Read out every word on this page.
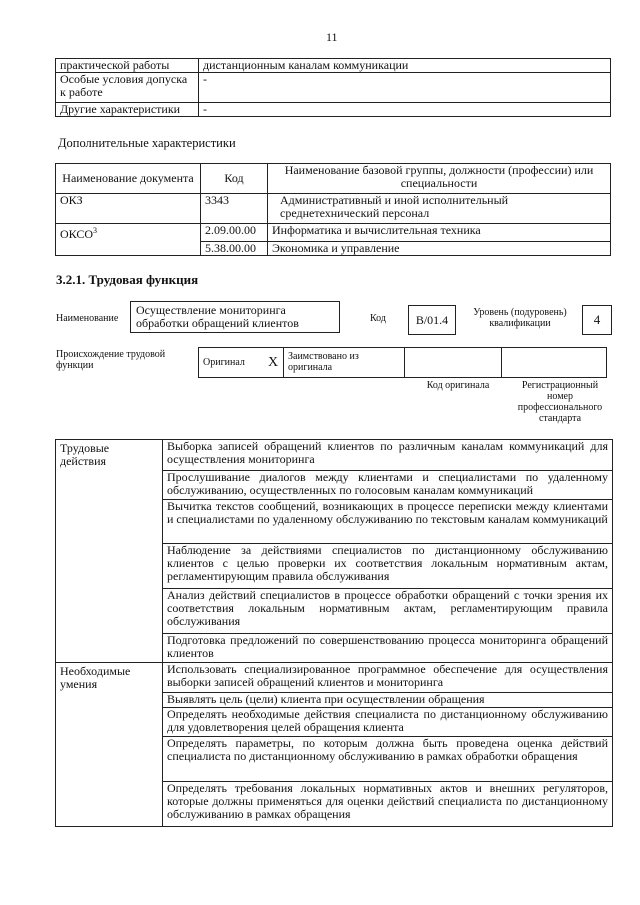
11
практической работы	дистанционным каналам коммуникации
Особые условия допуска к работе	-
Другие характеристики	-
Дополнительные характеристики
Наименование документа	Код	Наименование базовой группы, должности (профессии) или специальности
ОКЗ	3343	Административный и иной исполнительный среднетехнический персонал
ОКСО$^3$	2.09.00.00	Информатика и вычислительная техника
	5.38.00.00	Экономика и управление
3.2.1. Трудовая функция
Наименование
Осуществление мониторинга обработки обращений клиентов	Код	B/01.4
Уровень (подуровень) квалификации	4
Происхождение трудовой функции	Оригинал	X	Заимствовано из оригинала		
Код оригинала	Регистрационный номер профессионального стандарта
Трудовые действия	Выборка записей обращений клиентов по различным каналам коммуникаций для осуществления мониторинга
	Прослушивание диалогов между клиентами и специалистами по удаленному обслуживанию, осуществленных по голосовым каналам коммуникаций
	Вычитка текстов сообщений, возникающих в процессе переписки между клиентами и специалистами по удаленному обслуживанию по текстовым каналам коммуникаций
	Наблюдение за действиями специалистов по дистанционному обслуживанию клиентов с целью проверки их соответствия локальным нормативным актам, регламентирующим правила обслуживания
	Анализ действий специалистов в процессе обработки обращений с точки зрения их соответствия локальным нормативным актам, регламентирующим правила обслуживания
	Подготовка предложений по совершенствованию процесса мониторинга обращений клиентов
Необходимые умения	Использовать специализированное программное обеспечение для осуществления выборки записей обращений клиентов и мониторинга
	Выявлять цель (цели) клиента при осуществлении обращения
	Определять необходимые действия специалиста по дистанционному обслуживанию для удовлетворения целей обращения клиента
	Определять параметры, по которым должна быть проведена оценка действий специалиста по дистанционному обслуживанию в рамках обработки обращения
	Определять требования локальных нормативных актов и внешних регуляторов, которые должны применяться для оценки действий специалиста по дистанционному обслуживанию в рамках обращения
